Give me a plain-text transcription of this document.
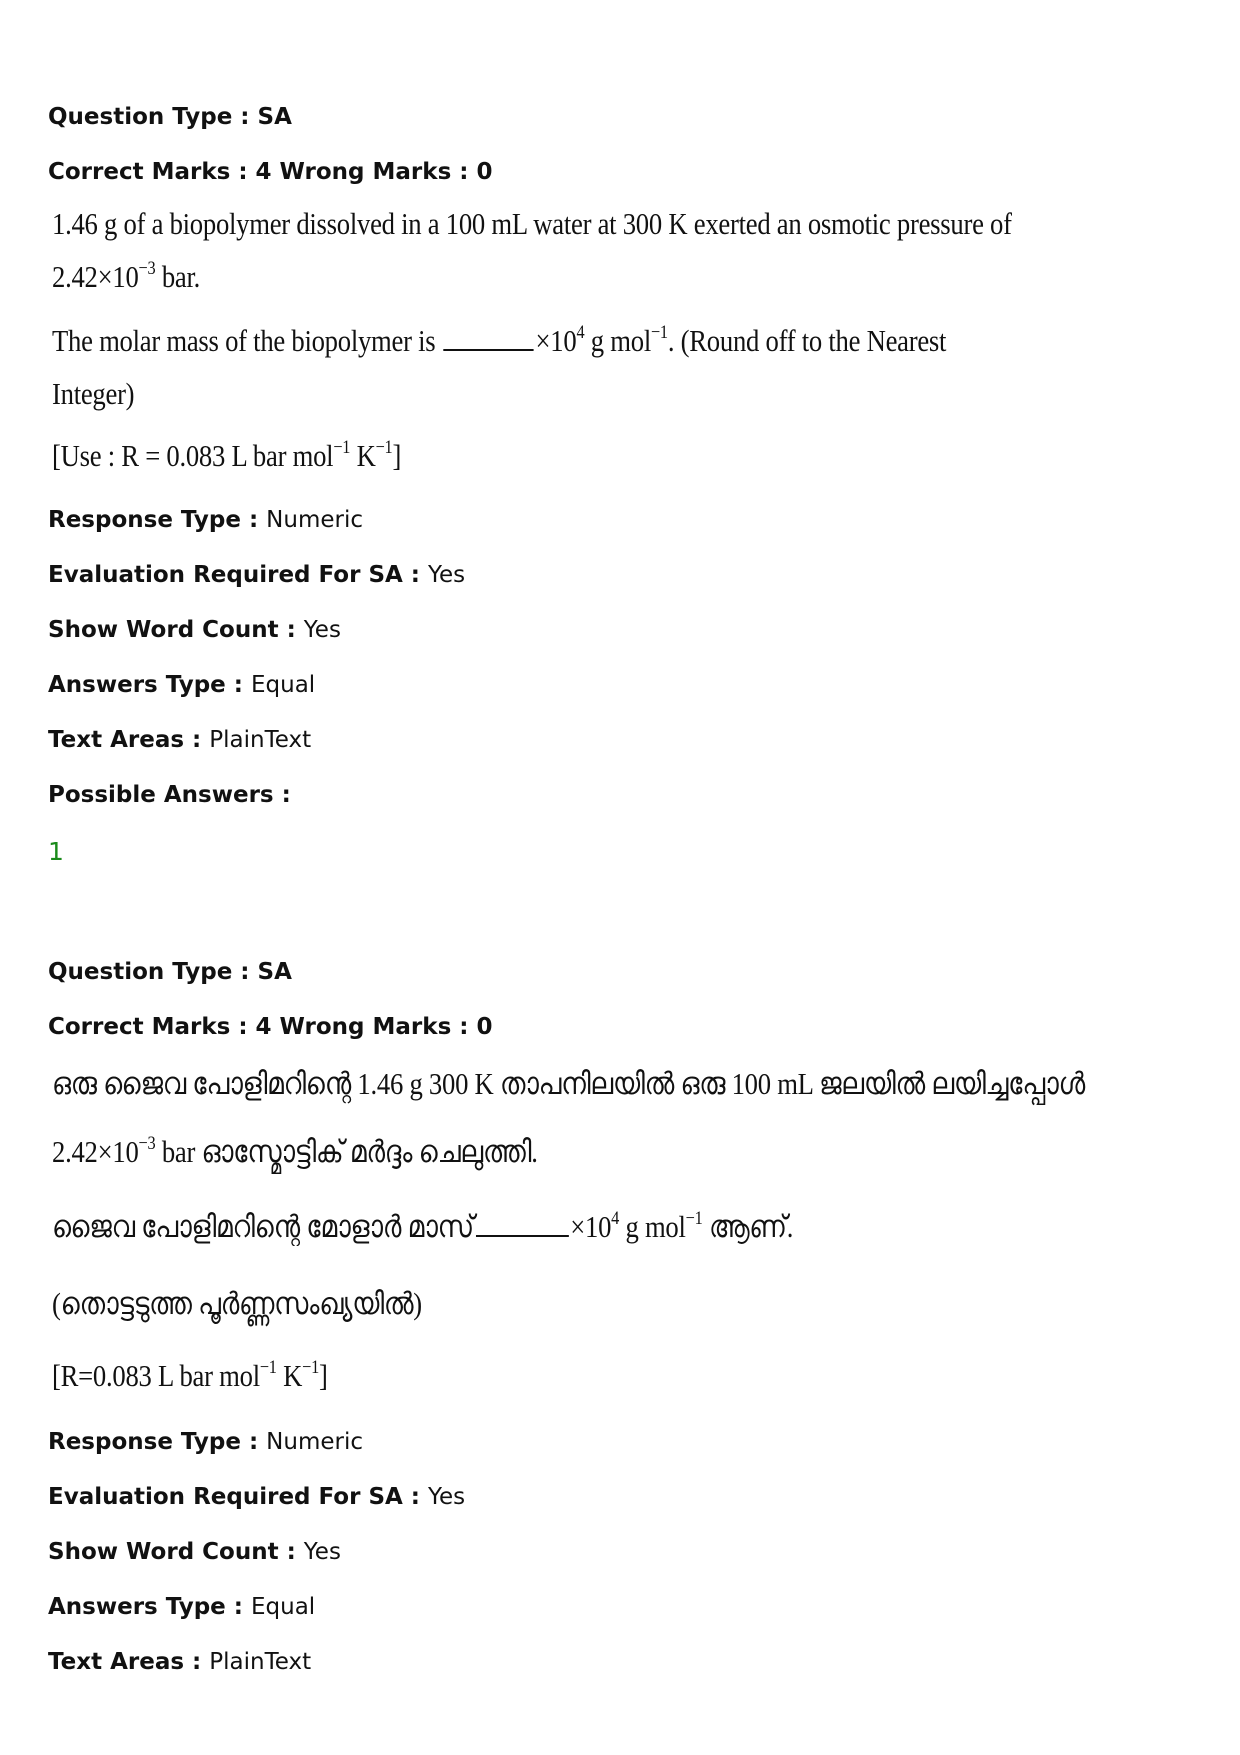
Question Type : SA
Correct Marks : 4 Wrong Marks : 0
1.46 g of a biopolymer dissolved in a 100 mL water at 300 K exerted an osmotic pressure of
$2.42\times 10^{-3}$ bar.
The molar mass of the biopolymer is	$\times 10^4$ g mol$^{-1}$. (Round off to the Nearest
Integer)
[Use : R = 0.083 L bar mol$^{-1}$ $K^{-1}$]
Response Type : Numeric
Evaluation Required For SA : Yes
Show Word Count : Yes
Answers Type : Equal
Text Areas : PlainText
Possible Answers :
1
Question Type : SA
Correct Marks : 4 Wrong Marks : 0
ഒരു ജൈവ പോളിമറിന്റെ 1.46 g 300 K താപനിലയിൽ ഒരു 100 mL ജലയിൽ ലയിച്ചപ്പോൾ
$2.42\times 10^{-3}$ bar ഓസ്മോട്ടിക് മർദ്ദം ചെലുത്തി.
ജൈവ പോളിമറിന്റെ മോളാർ മാസ്	$\times 10^4$ g mol$^{-1}$ ആണ്.
(തൊട്ടടുത്ത പൂർണ്ണസംഖ്യയിൽ)
[R=0.083 L bar mol$^{-1}$ $K^{-1}$]
Response Type : Numeric
Evaluation Required For SA : Yes
Show Word Count : Yes
Answers Type : Equal
Text Areas : PlainText
